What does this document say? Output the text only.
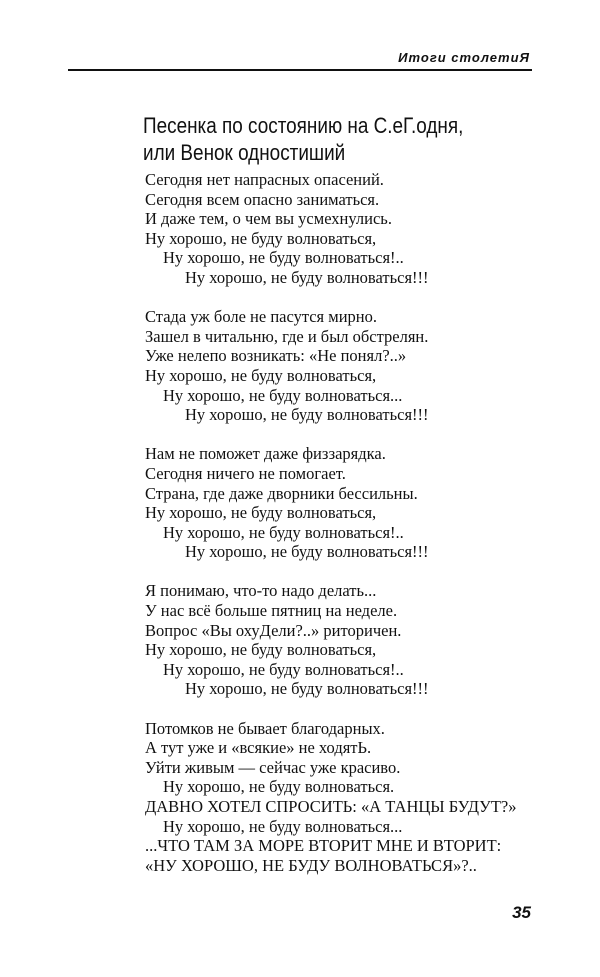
Итоги столетиЯ
Песенка по состоянию на С.еГ.одня,
или Венок одностиший
Сегодня нет напрасных опасений.
Сегодня всем опасно заниматься.
И даже тем, о чем вы усмехнулись.
Ну хорошо, не буду волноваться,
Ну хорошо, не буду волноваться!..
Ну хорошо, не буду волноваться!!!
Стада уж боле не пасутся мирно.
Зашел в читальню, где и был обстрелян.
Уже нелепо возникать: «Не понял?..»
Ну хорошо, не буду волноваться,
Ну хорошо, не буду волноваться...
Ну хорошо, не буду волноваться!!!
Нам не поможет даже физзарядка.
Сегодня ничего не помогает.
Страна, где даже дворники бессильны.
Ну хорошо, не буду волноваться,
Ну хорошо, не буду волноваться!..
Ну хорошо, не буду волноваться!!!
Я понимаю, что-то надо делать...
У нас всё больше пятниц на неделе.
Вопрос «Вы охуДели?..» риторичен.
Ну хорошо, не буду волноваться,
Ну хорошо, не буду волноваться!..
Ну хорошо, не буду волноваться!!!
Потомков не бывает благодарных.
А тут уже и «всякие» не ходятЬ.
Уйти живым — сейчас уже красиво.
Ну хорошо, не буду волноваться.
ДАВНО ХОТЕЛ СПРОСИТЬ: «А ТАНЦЫ БУДУТ?»
Ну хорошо, не буду волноваться...
...ЧТО ТАМ ЗА МОРЕ ВТОРИТ МНЕ И ВТОРИТ:
«НУ ХОРОШО, НЕ БУДУ ВОЛНОВАТЬСЯ»?..
35
